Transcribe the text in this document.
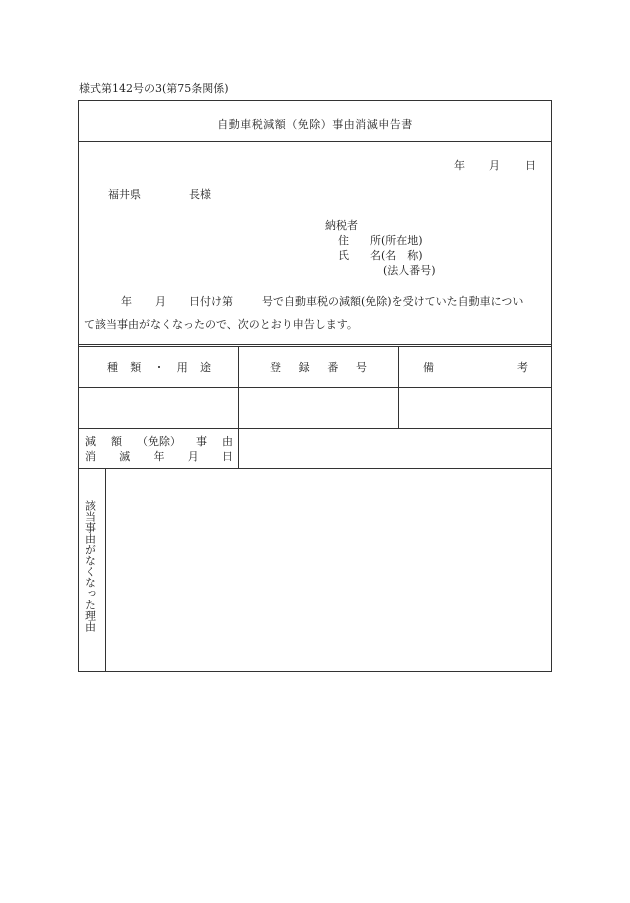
様式第142号の3(第75条関係)
自動車税減額（免除）事由消滅申告書
年 月 日
福井県	長様
納税者
住 所(所在地)
氏 名(名　称)
(法人番号)
年 月 日付け第	号で自動車税の減額(免除)を受けていた自動車につい
て該当事由がなくなったので、次のとおり申告します。
種 類 ・ 用 途	登 録 番 号	備	考
減 額 （免除） 事 由
消 滅 年 月 日
該当事由がなくなった理由
